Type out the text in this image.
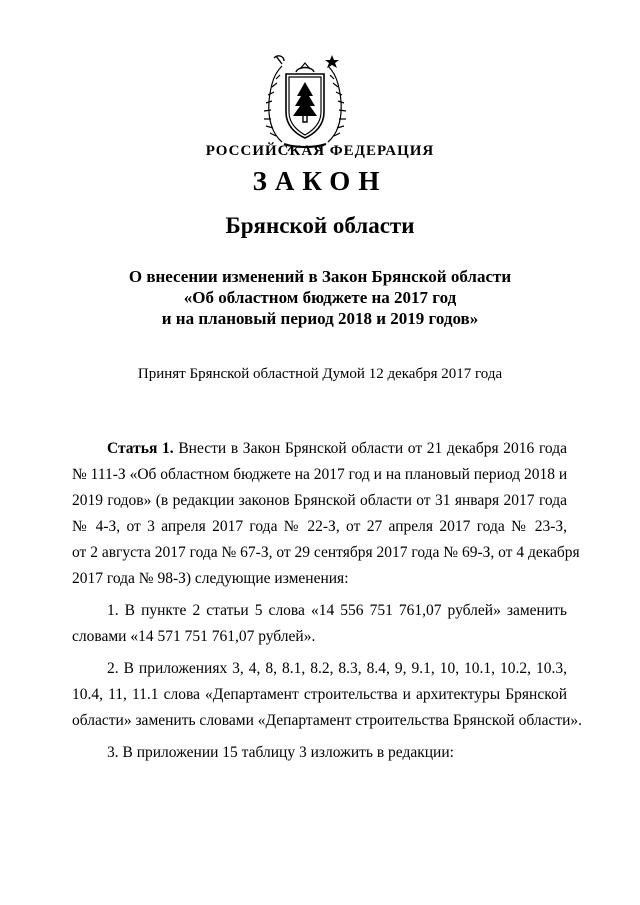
РОССИЙСКАЯ ФЕДЕРАЦИЯ
ЗАКОН
Брянской области
О внесении изменений в Закон Брянской области
«Об областном бюджете на 2017 год
и на плановый период 2018 и 2019 годов»
Принят Брянской областной Думой 12 декабря 2017 года
Статья 1. Внести в Закон Брянской области от 21 декабря 2016 года
№ 111-З «Об областном бюджете на 2017 год и на плановый период 2018 и
2019 годов» (в редакции законов Брянской области от 31 января 2017 года
№ 4-З, от 3 апреля 2017 года № 22-З, от 27 апреля 2017 года № 23-З,
от 2 августа 2017 года № 67-З, от 29 сентября 2017 года № 69-З, от 4 декабря
2017 года № 98-З) следующие изменения:
1. В пункте 2 статьи 5 слова «14 556 751 761,07 рублей» заменить
словами «14 571 751 761,07 рублей».
2. В приложениях 3, 4, 8, 8.1, 8.2, 8.3, 8.4, 9, 9.1, 10, 10.1, 10.2, 10.3,
10.4, 11, 11.1 слова «Департамент строительства и архитектуры Брянской
области» заменить словами «Департамент строительства Брянской области».
3. В приложении 15 таблицу 3 изложить в редакции:
